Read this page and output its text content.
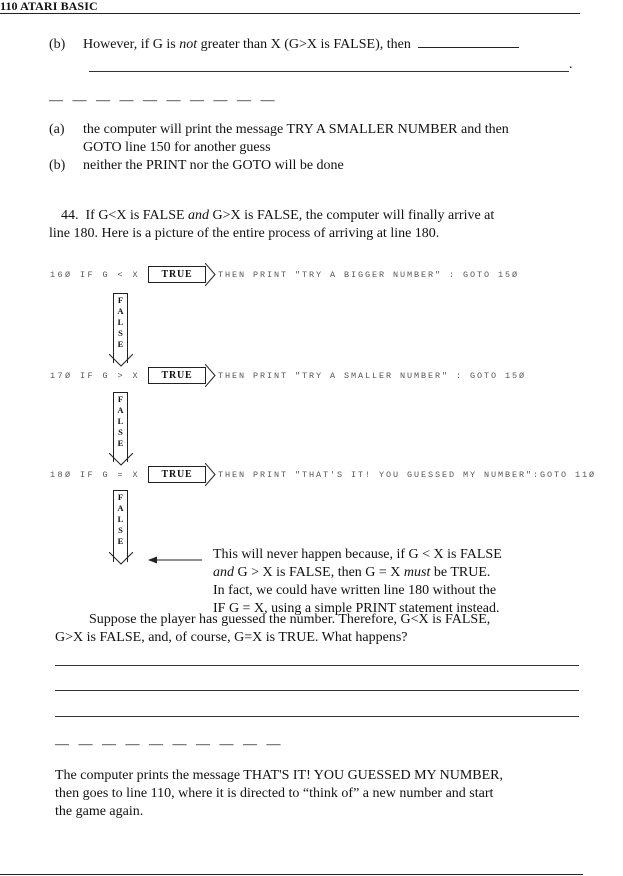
110 ATARI BASIC
(b) However, if G is not greater than X (G>X is FALSE), then
.
— — — — — — — — — —
(a) the computer will print the message TRY A SMALLER NUMBER and then
GOTO line 150 for another guess
(b) neither the PRINT nor the GOTO will be done
44. If G<X is FALSE and G>X is FALSE, the computer will finally arrive at
line 180. Here is a picture of the entire process of arriving at line 180.
16Ø IF G < X	TRUE	THEN PRINT "TRY A BIGGER NUMBER" : GOTO 15Ø
F
A
L
S
E
17Ø IF G > X	TRUE	THEN PRINT "TRY A SMALLER NUMBER" : GOTO 15Ø
F
A
L
S
E
18Ø IF G = X	TRUE	THEN PRINT "THAT'S IT! YOU GUESSED MY NUMBER":GOTO 11Ø
F
A
L
S
E
This will never happen because, if G < X is FALSE
and G > X is FALSE, then G = X must be TRUE.
In fact, we could have written line 180 without the
IF G = X, using a simple PRINT statement instead.
Suppose the player has guessed the number. Therefore, G<X is FALSE,
G>X is FALSE, and, of course, G=X is TRUE. What happens?
— — — — — — — — — —
The computer prints the message THAT'S IT! YOU GUESSED MY NUMBER,
then goes to line 110, where it is directed to “think of” a new number and start
the game again.
